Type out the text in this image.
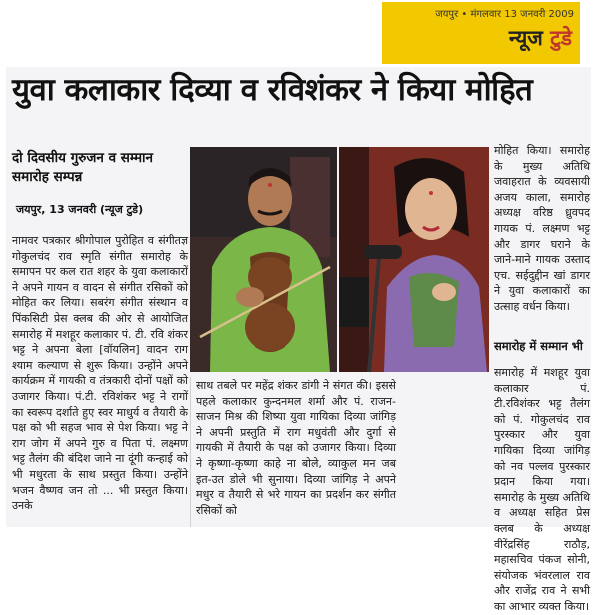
जयपुर • मंगलवार 13 जनवरी 2009
न्यूज टुडे
युवा कलाकार दिव्या व रविशंकर ने किया मोहित
दो दिवसीय गुरुजन व सम्मान समारोह सम्पन्न
जयपुर, 13 जनवरी (न्यूज टुडे)
नामवर पत्रकार श्रीगोपाल पुरोहित व संगीतज्ञ गोकुलचंद राव स्मृति संगीत समारोह के समापन पर कल रात शहर के युवा कलाकारों ने अपने गायन व वादन से संगीत रसिकों को मोहित कर लिया। सबरंग संगीत संस्थान व पिंकसिटी प्रेस क्लब की ओर से आयोजित समारोह में मशहूर कलाकार पं. टी. रवि शंकर भट्ट ने अपना बेला [वॉयलिन] वादन राग श्याम कल्याण से शुरू किया। उन्होंने अपने कार्यक्रम में गायकी व तंत्रकारी दोनों पक्षों को उजागर किया। पं.टी. रविशंकर भट्ट ने रागों का स्वरूप दर्शाते हुए स्वर माधुर्य व तैयारी के पक्ष को भी सहज भाव से पेश किया। भट्ट ने राग जोग में अपने गुरु व पिता पं. लक्ष्मण भट्ट तैलंग की बंदिश जाने ना दूंगी कन्हाई को भी मधुरता के साथ प्रस्तुत किया। उन्होंने भजन वैष्णव जन तो ... भी प्रस्तुत किया। उनके
साथ तबले पर महेंद्र शंकर डांगी ने संगत की। इससे पहले कलाकार कुन्दनमल शर्मा और पं. राजन-साजन मिश्र की शिष्या युवा गायिका दिव्या जांगिड़ ने अपनी प्रस्तुति में राग मधुवंती और दुर्गा से गायकी में तैयारी के पक्ष को उजागर किया। दिव्या ने कृष्णा-कृष्णा काहे ना बोले, व्याकुल मन जब इत-उत डोले भी सुनाया। दिव्या जांगिड़ ने अपने मधुर व तैयारी से भरे गायन का प्रदर्शन कर संगीत रसिकों को
मोहित किया। समारोह के मुख्य अतिथि जवाहरात के व्यवसायी अजय काला, समारोह अध्यक्ष वरिष्ठ ध्रुवपद गायक पं. लक्ष्मण भट्ट और डागर घराने के जाने-माने गायक उस्ताद एच. सईदुद्दीन खां डागर ने युवा कलाकारों का उत्साह वर्धन किया।
समारोह में सम्मान भी
समारोह में मशहूर युवा कलाकार पं. टी.रविशंकर भट्ट तैलंग को पं. गोकुलचंद राव पुरस्कार और युवा गायिका दिव्या जांगिड़ को नव पल्लव पुरस्कार प्रदान किया गया। समारोह के मुख्य अतिथि व अध्यक्ष सहित प्रेस क्लब के अध्यक्ष वीरेंद्रसिंह राठौड़, महासचिव पंकज सोनी, संयोजक भंवरलाल राव और राजेंद्र राव ने सभी का आभार व्यक्त किया।
